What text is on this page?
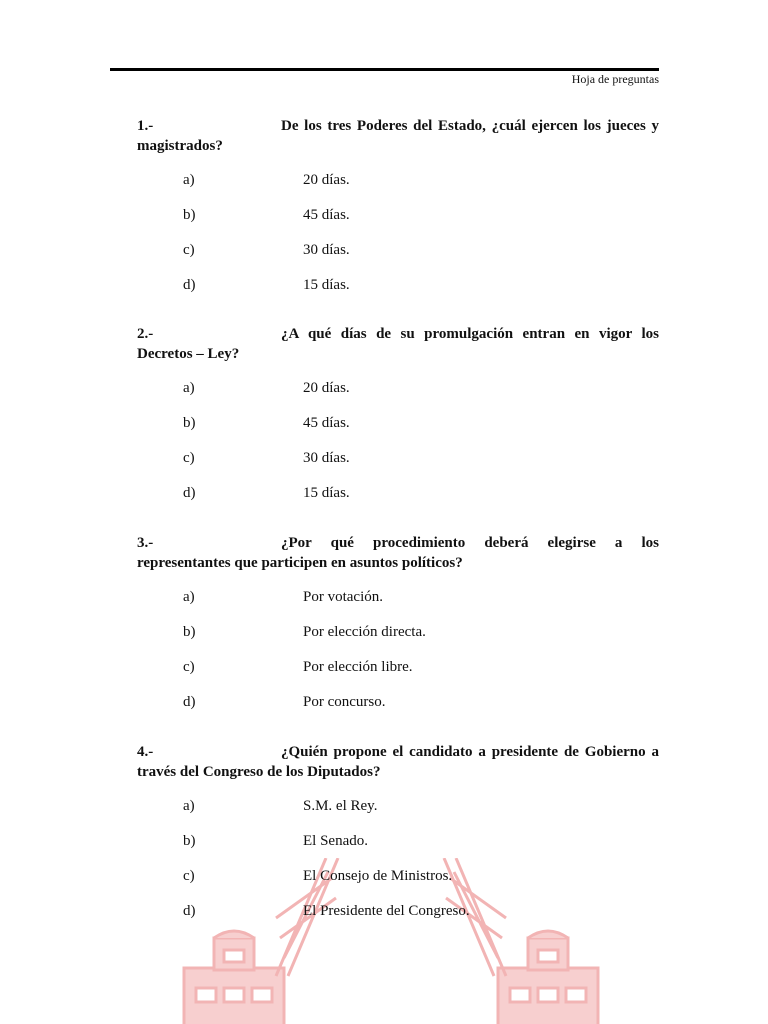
Hoja de preguntas

1.-	De los tres Poderes del Estado, ¿cuál ejercen los jueces y magistrados?

a)	20 días.
b)	45 días.
c)	30 días.
d)	15 días.

2.-	¿A qué días de su promulgación entran en vigor los Decretos – Ley?

a)	20 días.
b)	45 días.
c)	30 días.
d)	15 días.

3.-	¿Por qué procedimiento deberá elegirse a los representantes que participen en asuntos políticos?

a)	Por votación.
b)	Por elección directa.
c)	Por elección libre.
d)	Por concurso.

4.-	¿Quién propone el candidato a presidente de Gobierno a través del Congreso de los Diputados?

a)	S.M. el Rey.
b)	El Senado.
c)	El Consejo de Ministros.
d)	El Presidente del Congreso.
